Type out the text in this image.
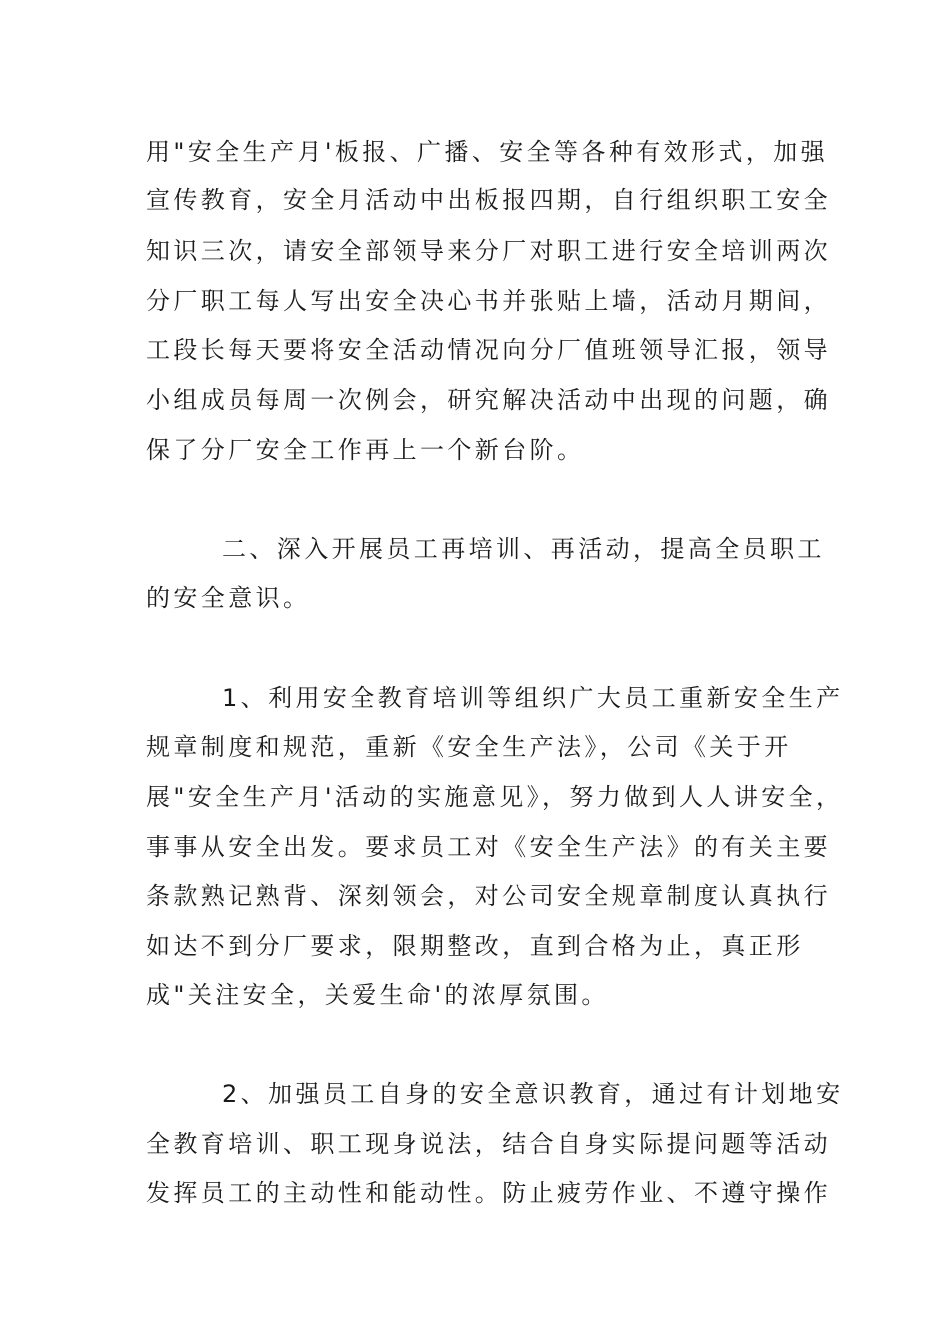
用"安全生产月'板报、广播、安全等各种有效形式，加强
宣传教育，安全月活动中出板报四期，自行组织职工安全
知识三次，请安全部领导来分厂对职工进行安全培训两次
分厂职工每人写出安全决心书并张贴上墙，活动月期间，
工段长每天要将安全活动情况向分厂值班领导汇报，领导
小组成员每周一次例会，研究解决活动中出现的问题，确
保了分厂安全工作再上一个新台阶。
二、深入开展员工再培训、再活动，提高全员职工
的安全意识。
1、利用安全教育培训等组织广大员工重新安全生产
规章制度和规范，重新《安全生产法》，公司《关于开
展"安全生产月'活动的实施意见》，努力做到人人讲安全，
事事从安全出发。要求员工对《安全生产法》的有关主要
条款熟记熟背、深刻领会，对公司安全规章制度认真执行
如达不到分厂要求，限期整改，直到合格为止，真正形
成"关注安全，关爱生命'的浓厚氛围。
2、加强员工自身的安全意识教育，通过有计划地安
全教育培训、职工现身说法，结合自身实际提问题等活动
发挥员工的主动性和能动性。防止疲劳作业、不遵守操作
